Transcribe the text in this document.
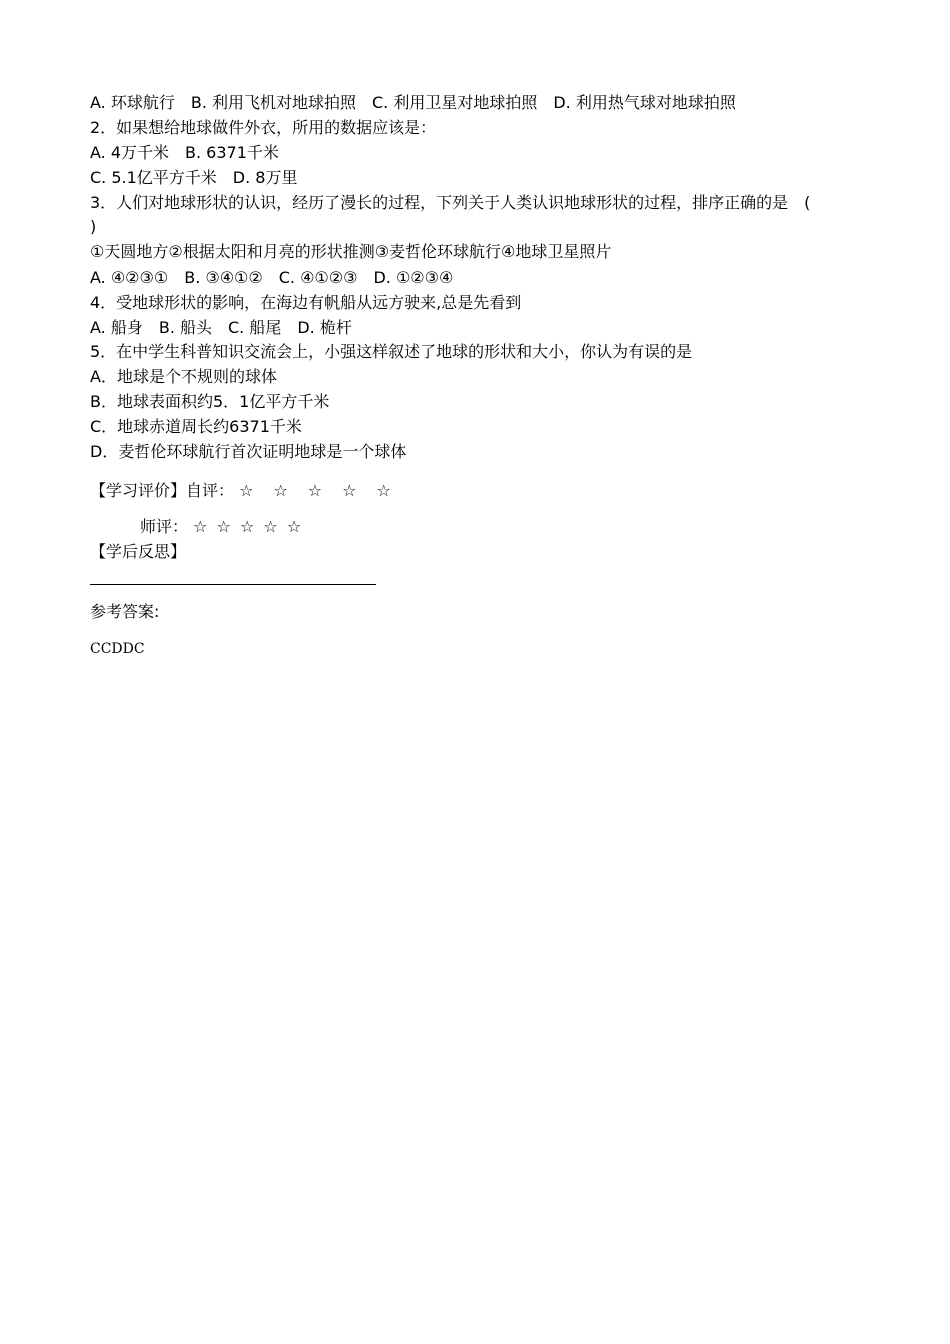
A. 环球航行　B. 利用飞机对地球拍照　C. 利用卫星对地球拍照　D. 利用热气球对地球拍照
2．如果想给地球做件外衣，所用的数据应该是：
A. 4万千米　B. 6371千米
C. 5.1亿平方千米　D. 8万里
3．人们对地球形状的认识，经历了漫长的过程，下列关于人类认识地球形状的过程，排序正确的是　(
)
①天圆地方②根据太阳和月亮的形状推测③麦哲伦环球航行④地球卫星照片
A. ④②③①　B. ③④①②　C. ④①②③　D. ①②③④
4．受地球形状的影响，在海边有帆船从远方驶来,总是先看到
A. 船身　B. 船头　C. 船尾　D. 桅杆
5．在中学生科普知识交流会上，小强这样叙述了地球的形状和大小，你认为有误的是
A．地球是个不规则的球体
B．地球表面积约5．1亿平方千米
C．地球赤道周长约6371千米
D．麦哲伦环球航行首次证明地球是一个球体
【学习评价】自评： ☆　☆　☆　☆　☆
师评： ☆ ☆ ☆ ☆ ☆
【学后反思】
参考答案:
CCDDC
